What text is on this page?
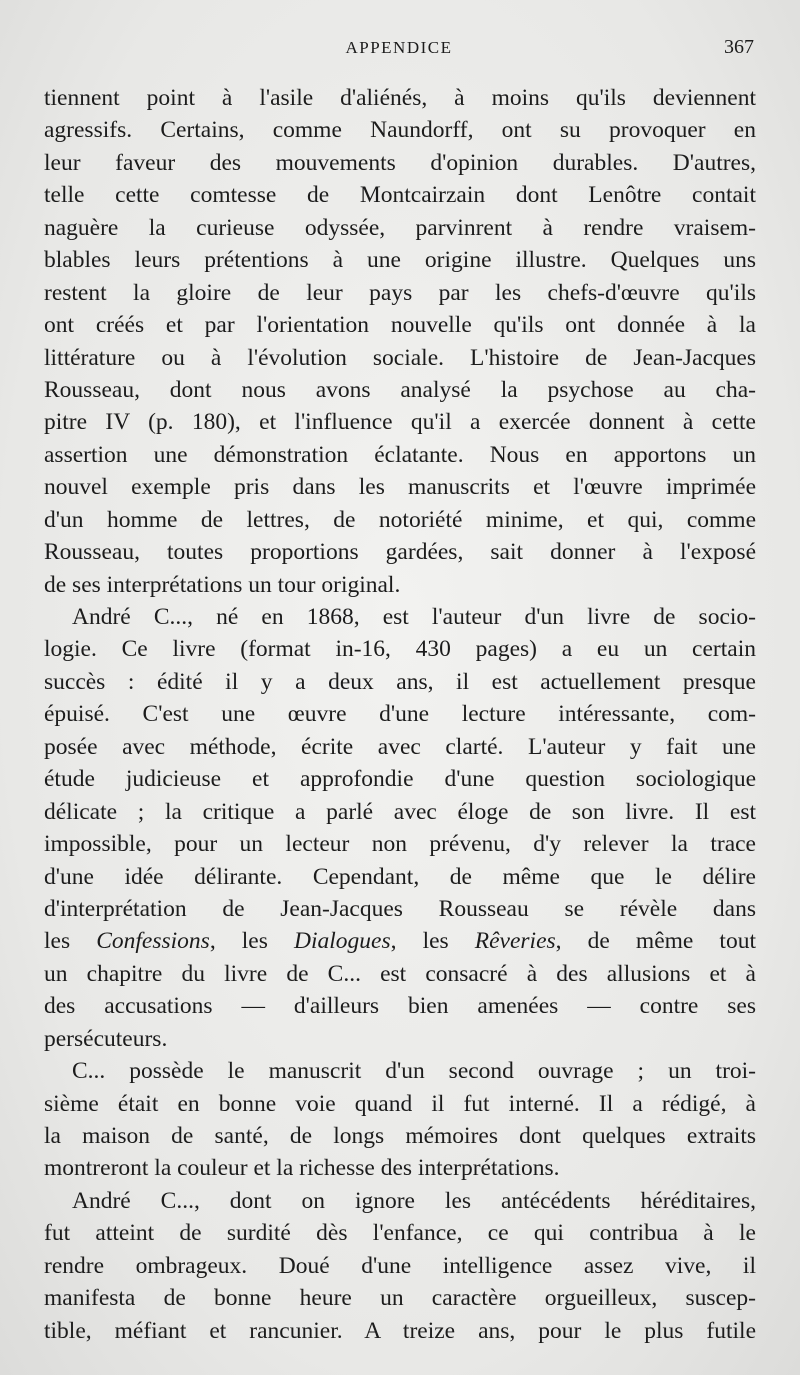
APPENDICE	367
tiennent point à l'asile d'aliénés, à moins qu'ils deviennent
agressifs. Certains, comme Naundorff, ont su provoquer en
leur faveur des mouvements d'opinion durables. D'autres,
telle cette comtesse de Montcairzain dont Lenôtre contait
naguère la curieuse odyssée, parvinrent à rendre vraisem-
blables leurs prétentions à une origine illustre. Quelques uns
restent la gloire de leur pays par les chefs-d'œuvre qu'ils
ont créés et par l'orientation nouvelle qu'ils ont donnée à la
littérature ou à l'évolution sociale. L'histoire de Jean-Jacques
Rousseau, dont nous avons analysé la psychose au cha-
pitre IV (p. 180), et l'influence qu'il a exercée donnent à cette
assertion une démonstration éclatante. Nous en apportons un
nouvel exemple pris dans les manuscrits et l'œuvre imprimée
d'un homme de lettres, de notoriété minime, et qui, comme
Rousseau, toutes proportions gardées, sait donner à l'exposé
de ses interprétations un tour original.
André C..., né en 1868, est l'auteur d'un livre de socio-
logie. Ce livre (format in-16, 430 pages) a eu un certain
succès : édité il y a deux ans, il est actuellement presque
épuisé. C'est une œuvre d'une lecture intéressante, com-
posée avec méthode, écrite avec clarté. L'auteur y fait une
étude judicieuse et approfondie d'une question sociologique
délicate ; la critique a parlé avec éloge de son livre. Il est
impossible, pour un lecteur non prévenu, d'y relever la trace
d'une idée délirante. Cependant, de même que le délire
d'interprétation de Jean-Jacques Rousseau se révèle dans
les Confessions, les Dialogues, les Rêveries, de même tout
un chapitre du livre de C... est consacré à des allusions et à
des accusations — d'ailleurs bien amenées — contre ses
persécuteurs.
C... possède le manuscrit d'un second ouvrage ; un troi-
sième était en bonne voie quand il fut interné. Il a rédigé, à
la maison de santé, de longs mémoires dont quelques extraits
montreront la couleur et la richesse des interprétations.
André C..., dont on ignore les antécédents héréditaires,
fut atteint de surdité dès l'enfance, ce qui contribua à le
rendre ombrageux. Doué d'une intelligence assez vive, il
manifesta de bonne heure un caractère orgueilleux, suscep-
tible, méfiant et rancunier. A treize ans, pour le plus futile
